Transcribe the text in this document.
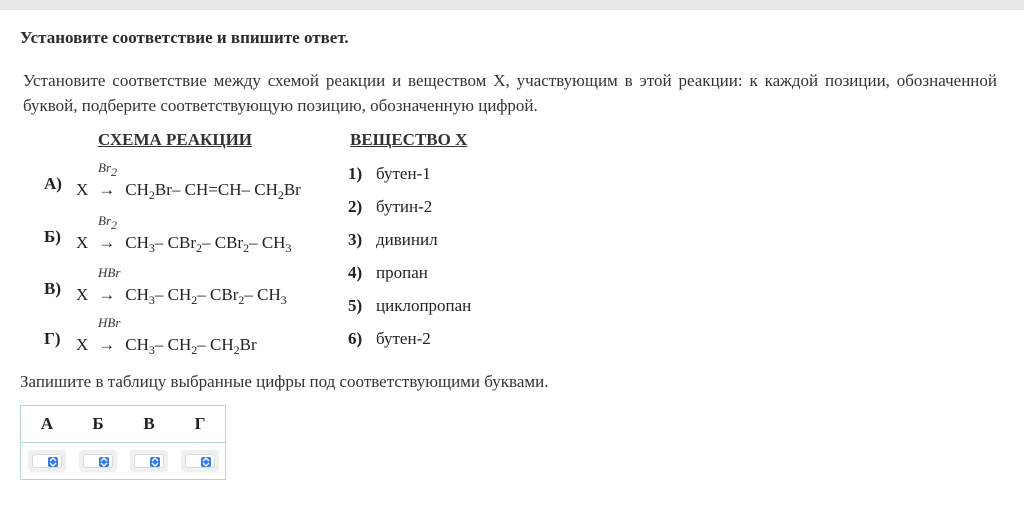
Установите соответствие и впишите ответ.
Установите соответствие между схемой реакции и веществом X, участвующим в этой реакции: к каждой позиции, обозначенной буквой, подберите соответствующую позицию, обозначенную цифрой.
СХЕМА РЕАКЦИИ	ВЕЩЕСТВО X
А)
$Br_2$
$X \to CH_2Br-$ CH=CH– $CH_2Br$
Б)
$Br_2$
$X \to CH_3-$ CBr$_2$– CBr$_2$– $CH_3$
В)
HBr
$X \to CH_3-$ $CH_2-$ CBr$_2$– $CH_3$
Г)
HBr
$X \to CH_3-$ $CH_2-$ $CH_2Br$
1) бутен-1
2) бутин-2
3) дивинил
4) пропан
5) циклопропан
6) бутен-2
Запишите в таблицу выбранные цифры под соответствующими буквами.
А	Б	В	Г
